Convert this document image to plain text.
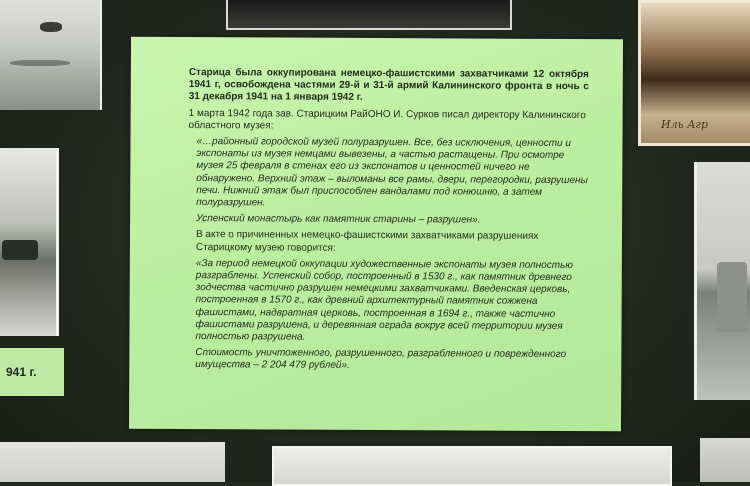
Иль Агр
941 г.

Старица была оккупирована немецко-фашистскими захватчиками 12 октября 1941 г, освобождена частями 29-й и 31-й армий Калининского фронта в ночь с 31 декабря 1941 на 1 января 1942 г.

1 марта 1942 года зав. Старицким РайОНО И. Сурков писал директору Калининского областного музея:

«…районный городской музей полуразрушен. Все, без исключения, ценности и экспонаты из музея немцами вывезены, а частью растащены. При осмотре музея 25 февраля в стенах его из экспонатов и ценностей ничего не обнаружено. Верхний этаж – выломаны все рамы, двери, перегородки, разрушены печи. Нижний этаж был приспособлен вандалами под конюшню, а затем полуразрушен.

Успенский монастырь как памятник старины – разрушен».

В акте о причиненных немецко-фашистскими захватчиками разрушениях Старицкому музею говорится:

«За период немецкой оккупации художественные экспонаты музея полностью разграблены. Успенский собор, построенный в 1530 г., как памятник древнего зодчества частично разрушен немецкими захватчиками. Введенская церковь, построенная в 1570 г., как древний архитектурный памятник сожжена фашистами, надвратная церковь, построенная в 1694 г., также частично фашистами разрушена, и деревянная ограда вокруг всей территории музея полностью разрушена.

Стоимость уничтоженного, разрушенного, разграбленного и поврежденного имущества – 2 204 479 рублей».
